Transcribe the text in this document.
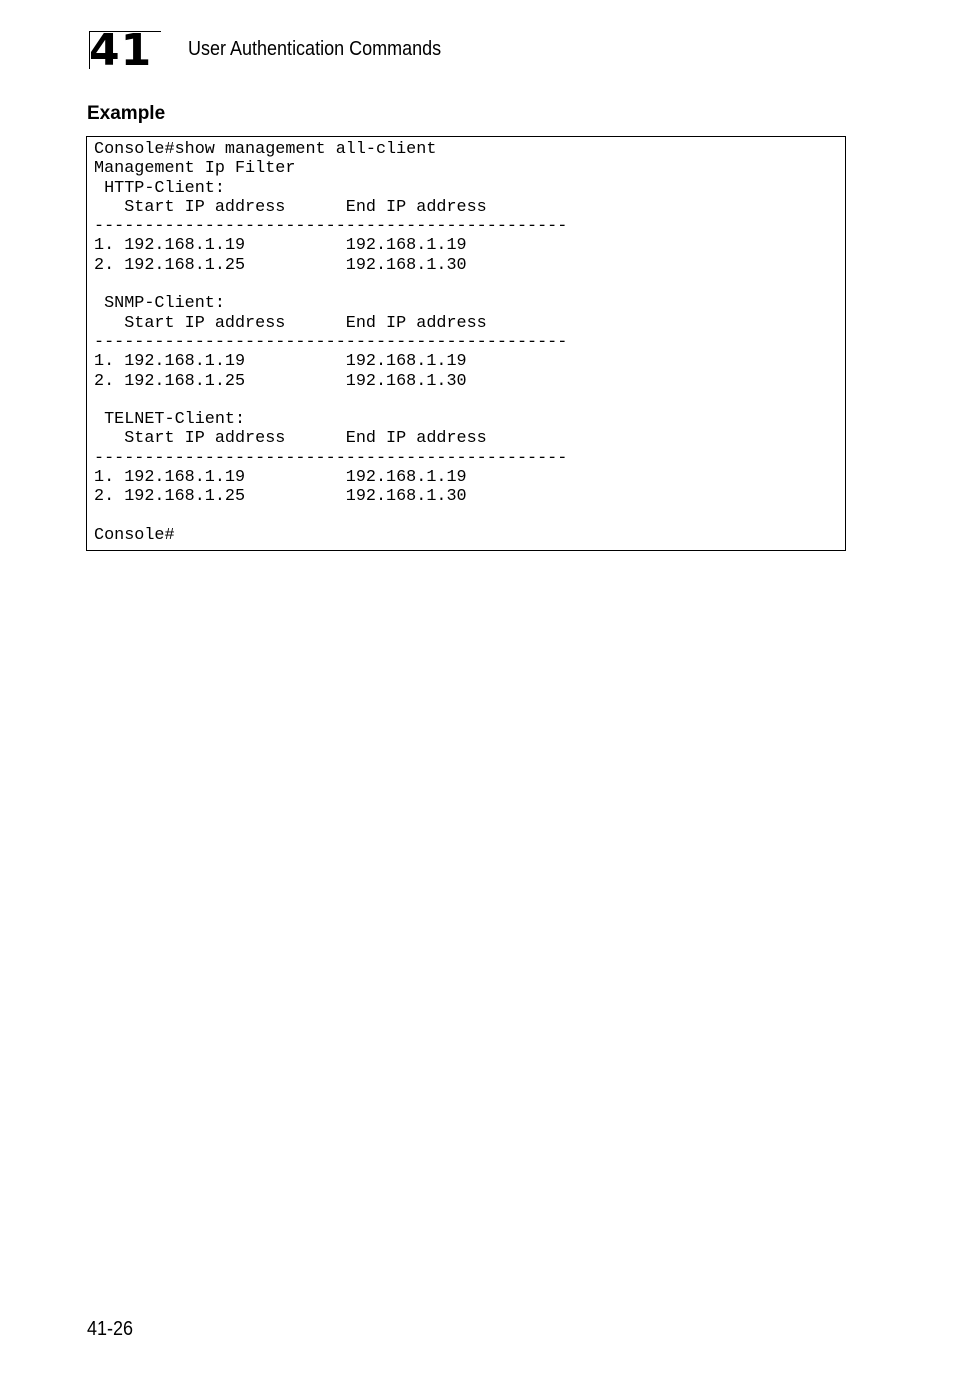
41 User Authentication Commands
Example
Console#show management all-client
Management Ip Filter
HTTP-Client:
Start IP address      End IP address
-----------------------------------------------
1. 192.168.1.19          192.168.1.19
2. 192.168.1.25          192.168.1.30

SNMP-Client:
Start IP address      End IP address
-----------------------------------------------
1. 192.168.1.19          192.168.1.19
2. 192.168.1.25          192.168.1.30

TELNET-Client:
Start IP address      End IP address
-----------------------------------------------
1. 192.168.1.19          192.168.1.19
2. 192.168.1.25          192.168.1.30

Console#
41-26
